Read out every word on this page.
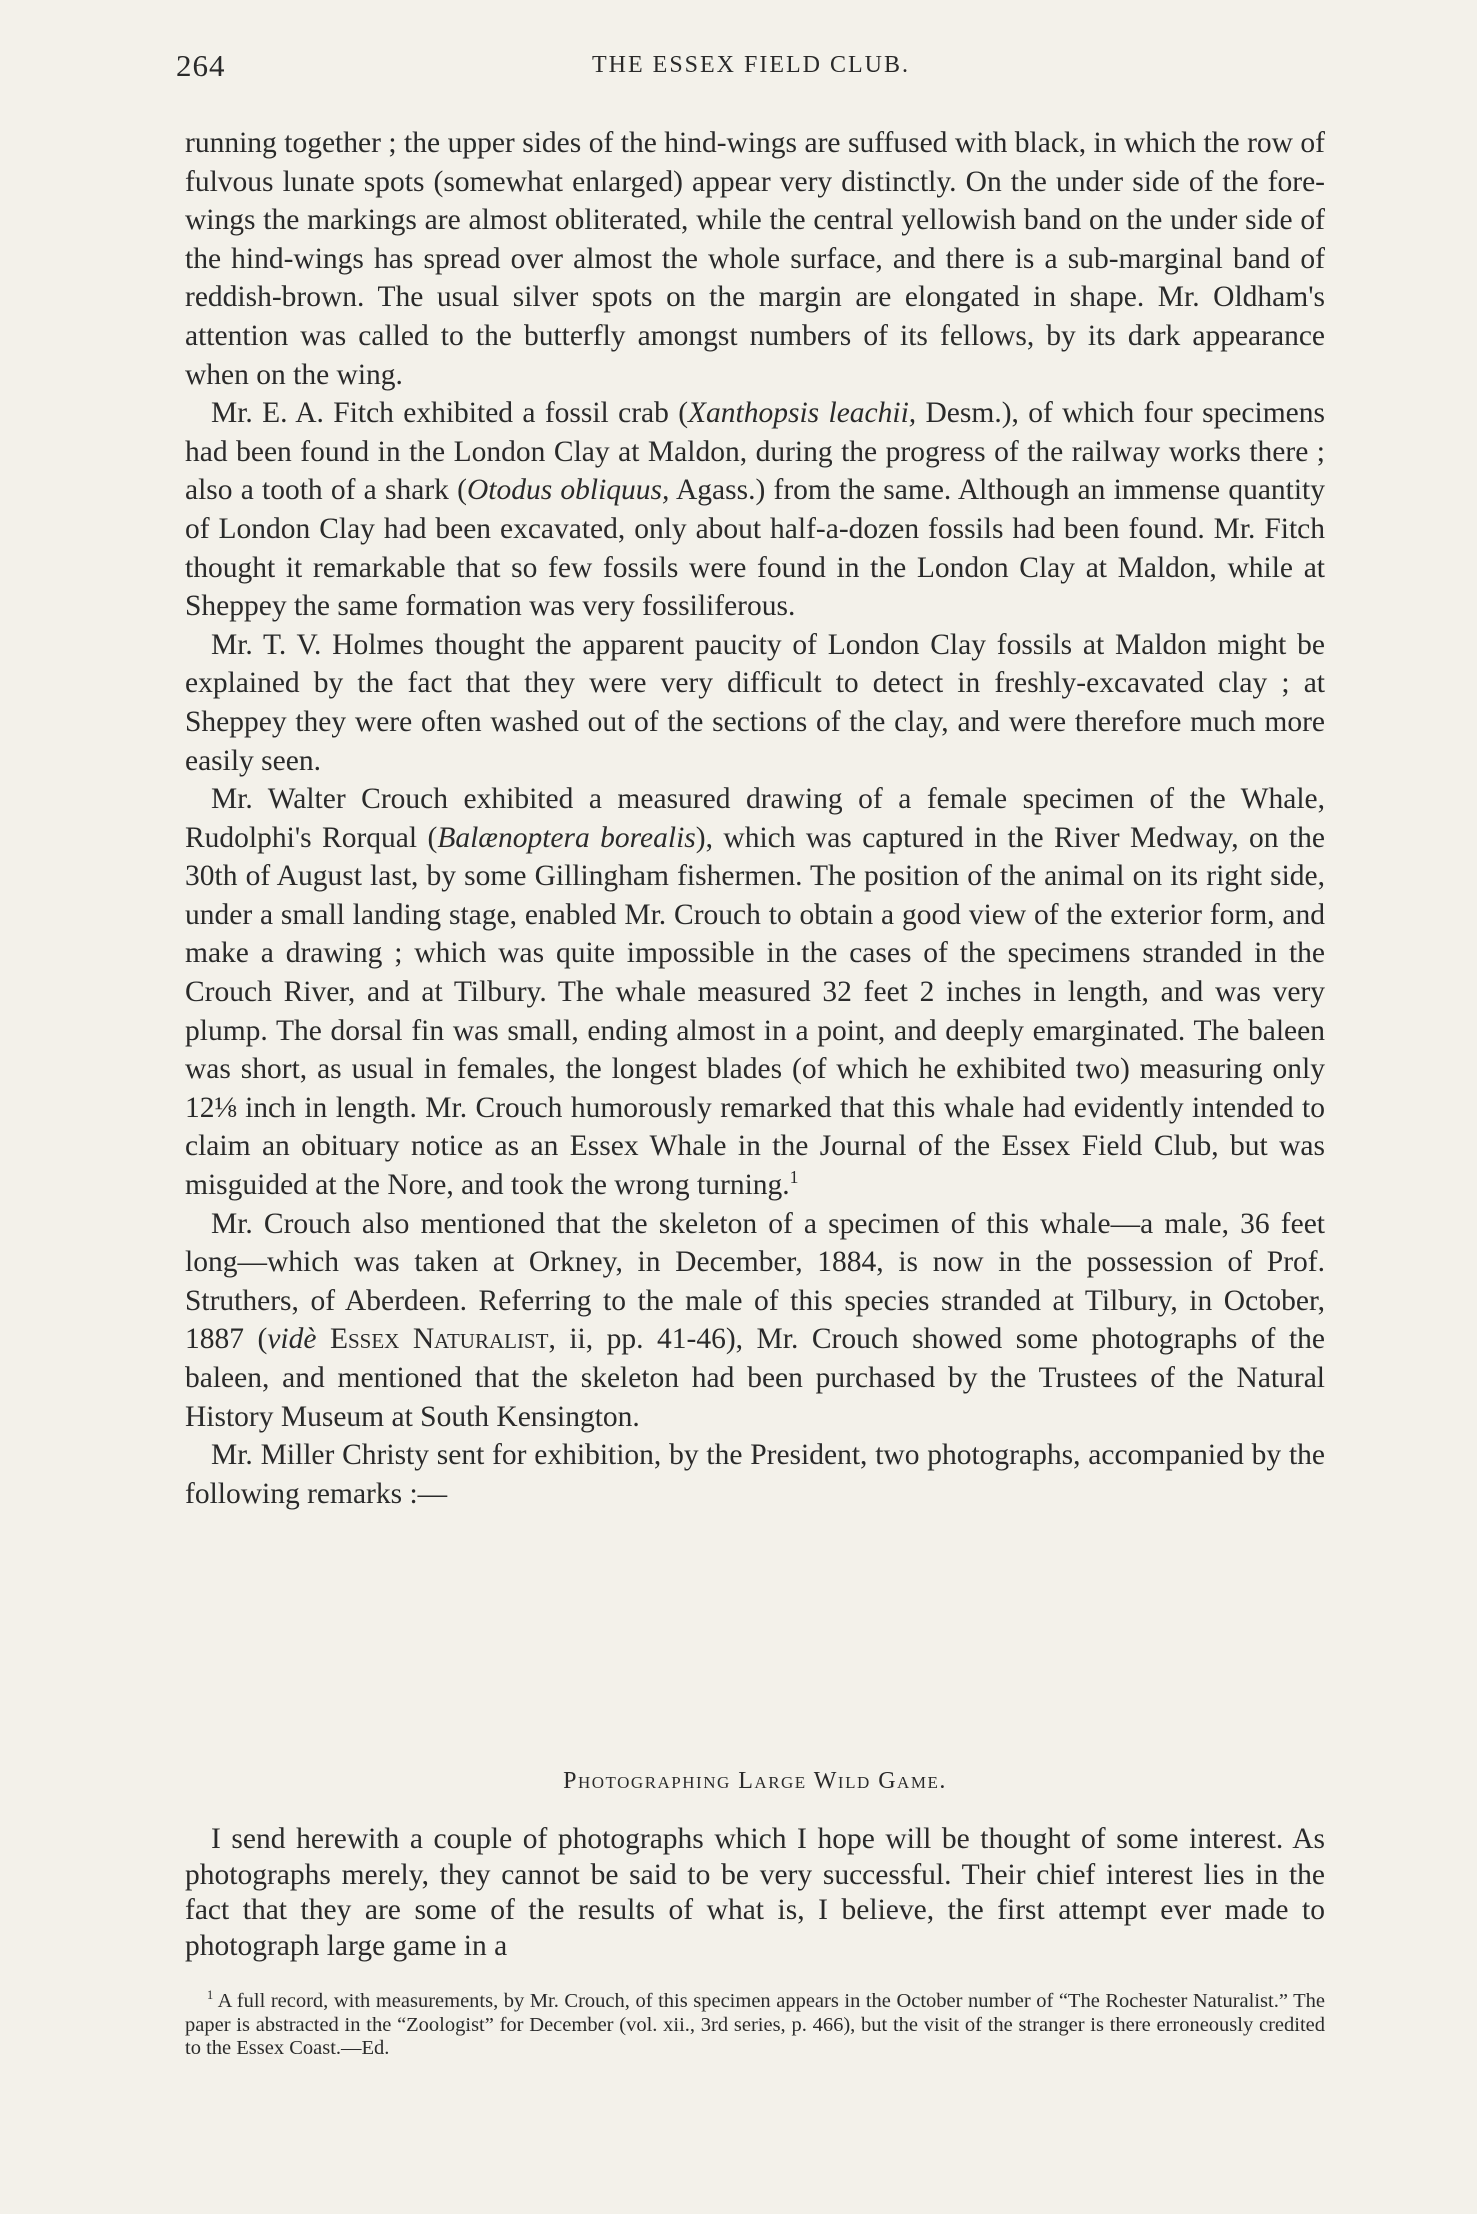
264	THE ESSEX FIELD CLUB.

running together ; the upper sides of the hind-wings are suffused with black, in which the row of fulvous lunate spots (somewhat enlarged) appear very distinctly. On the under side of the fore-wings the markings are almost obliterated, while the central yellowish band on the under side of the hind-wings has spread over almost the whole surface, and there is a sub-marginal band of reddish-brown. The usual silver spots on the margin are elongated in shape. Mr. Oldham's attention was called to the butterfly amongst numbers of its fellows, by its dark appearance when on the wing.

Mr. E. A. Fitch exhibited a fossil crab (Xanthopsis leachii, Desm.), of which four specimens had been found in the London Clay at Maldon, during the progress of the railway works there ; also a tooth of a shark (Otodus obliquus, Agass.) from the same. Although an immense quantity of London Clay had been excavated, only about half-a-dozen fossils had been found. Mr. Fitch thought it remarkable that so few fossils were found in the London Clay at Maldon, while at Sheppey the same formation was very fossiliferous.

Mr. T. V. Holmes thought the apparent paucity of London Clay fossils at Maldon might be explained by the fact that they were very difficult to detect in freshly-excavated clay ; at Sheppey they were often washed out of the sections of the clay, and were therefore much more easily seen.

Mr. Walter Crouch exhibited a measured drawing of a female specimen of the Whale, Rudolphi's Rorqual (Balænoptera borealis), which was captured in the River Medway, on the 30th of August last, by some Gillingham fishermen. The position of the animal on its right side, under a small landing stage, enabled Mr. Crouch to obtain a good view of the exterior form, and make a drawing ; which was quite impossible in the cases of the specimens stranded in the Crouch River, and at Tilbury. The whale measured 32 feet 2 inches in length, and was very plump. The dorsal fin was small, ending almost in a point, and deeply emarginated. The baleen was short, as usual in females, the longest blades (of which he exhibited two) measuring only 12⅛ inch in length. Mr. Crouch humorously remarked that this whale had evidently intended to claim an obituary notice as an Essex Whale in the Journal of the Essex Field Club, but was misguided at the Nore, and took the wrong turning.$^1$

Mr. Crouch also mentioned that the skeleton of a specimen of this whale—a male, 36 feet long—which was taken at Orkney, in December, 1884, is now in the possession of Prof. Struthers, of Aberdeen. Referring to the male of this species stranded at Tilbury, in October, 1887 (vidè Essex Naturalist, ii, pp. 41-46), Mr. Crouch showed some photographs of the baleen, and mentioned that the skeleton had been purchased by the Trustees of the Natural History Museum at South Kensington.

Mr. Miller Christy sent for exhibition, by the President, two photographs, accompanied by the following remarks :—

Photographing Large Wild Game.

I send herewith a couple of photographs which I hope will be thought of some interest. As photographs merely, they cannot be said to be very successful. Their chief interest lies in the fact that they are some of the results of what is, I believe, the first attempt ever made to photograph large game in a

$^1$ A full record, with measurements, by Mr. Crouch, of this specimen appears in the October number of “The Rochester Naturalist.” The paper is abstracted in the “Zoologist” for December (vol. xii., 3rd series, p. 466), but the visit of the stranger is there erroneously credited to the Essex Coast.—Ed.
